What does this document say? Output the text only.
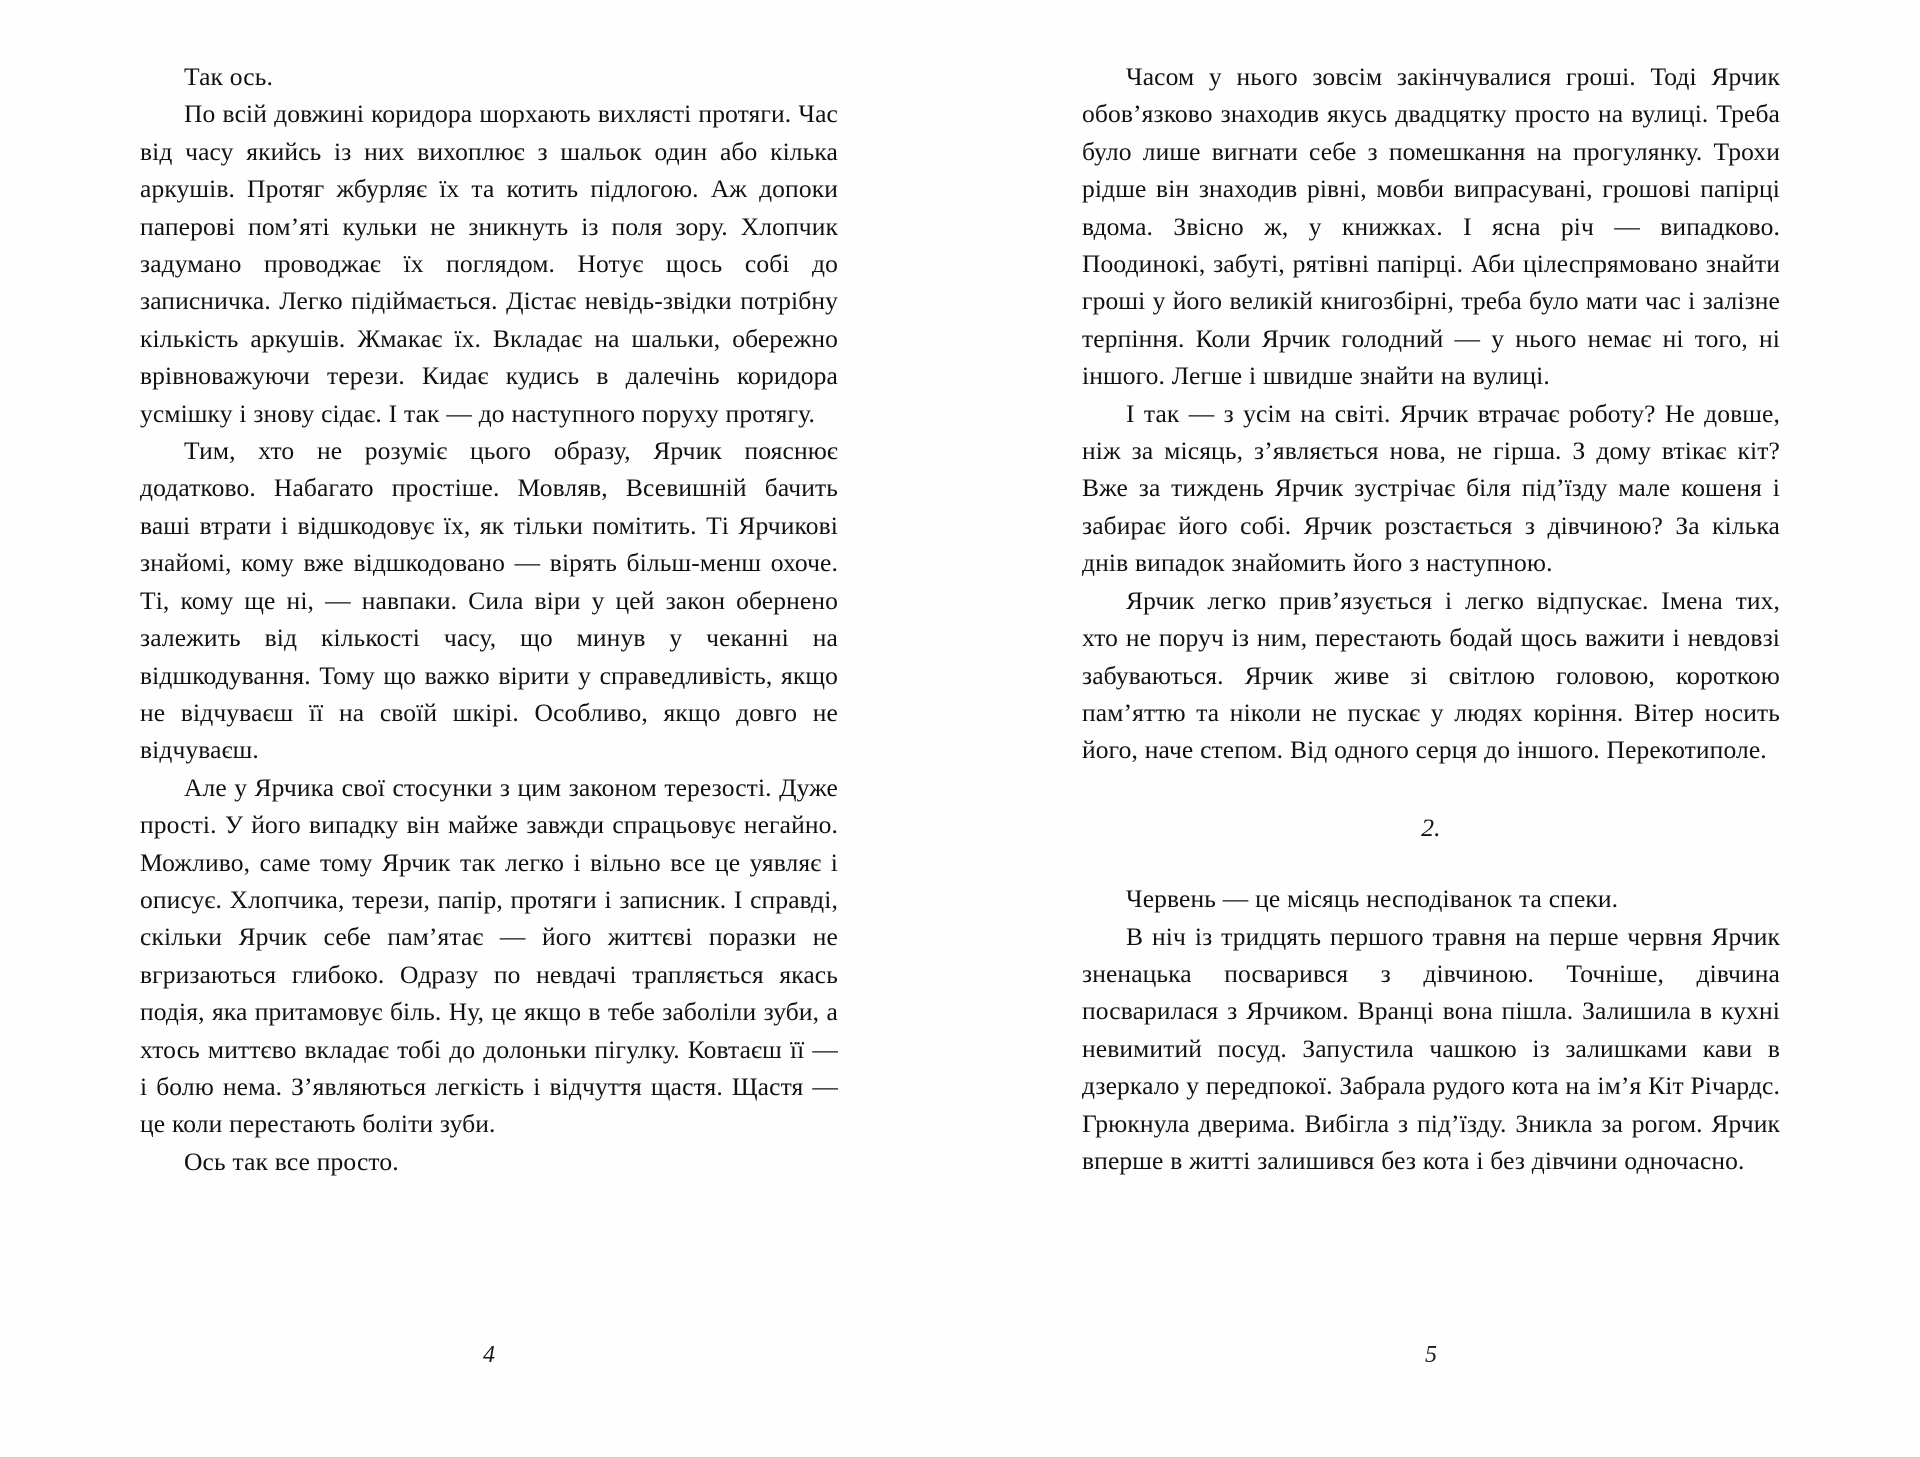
Так ось.

По всій довжині коридора шорхають вихлясті протяги. Час від часу якийсь із них вихоплює з шальок один або кілька аркушів. Протяг жбурляє їх та котить підлогою. Аж допоки паперові пом’яті кульки не зникнуть із поля зору. Хлопчик задумано проводжає їх поглядом. Нотує щось собі до записничка. Легко підіймається. Дістає невідь-звідки потрібну кількість аркушів. Жмакає їх. Вкладає на шальки, обережно врівноважуючи терези. Кидає кудись в далечінь коридора усмішку і знову сідає. І так — до наступного поруху протягу.

Тим, хто не розуміє цього образу, Ярчик пояснює додатково. Набагато простіше. Мовляв, Всевишній бачить ваші втрати і відшкодовує їх, як тільки помітить. Ті Ярчикові знайомі, кому вже відшкодовано — вірять більш-менш охоче. Ті, кому ще ні, — навпаки. Сила віри у цей закон обернено залежить від кількості часу, що минув у чеканні на відшкодування. Тому що важко вірити у справедливість, якщо не відчуваєш її на своїй шкірі. Особливо, якщо довго не відчуваєш.

Але у Ярчика свої стосунки з цим законом терезості. Дуже прості. У його випадку він майже завжди спрацьовує негайно. Можливо, саме тому Ярчик так легко і вільно все це уявляє і описує. Хлопчика, терези, папір, протяги і записник. І справді, скільки Ярчик себе пам’ятає — його життєві поразки не вгризаються глибоко. Одразу по невдачі трапляється якась подія, яка притамовує біль. Ну, це якщо в тебе заболіли зуби, а хтось миттєво вкладає тобі до долоньки пігулку. Ковтаєш її — і болю нема. З’являються легкість і відчуття щастя. Щастя — це коли перестають боліти зуби.

Ось так все просто.

4

Часом у нього зовсім закінчувалися гроші. Тоді Ярчик обов’язково знаходив якусь двадцятку просто на вулиці. Треба було лише вигнати себе з помешкання на прогулянку. Трохи рідше він знаходив рівні, мовби випрасувані, грошові папірці вдома. Звісно ж, у книжках. І ясна річ — випадково. Поодинокі, забуті, рятівні папірці. Аби цілеспрямовано знайти гроші у його великій книгозбірні, треба було мати час і залізне терпіння. Коли Ярчик голодний — у нього немає ні того, ні іншого. Легше і швидше знайти на вулиці.

І так — з усім на світі. Ярчик втрачає роботу? Не довше, ніж за місяць, з’являється нова, не гірша. З дому втікає кіт? Вже за тиждень Ярчик зустрічає біля під’їзду мале кошеня і забирає його собі. Ярчик розстається з дівчиною? За кілька днів випадок знайомить його з наступною.

Ярчик легко прив’язується і легко відпускає. Імена тих, хто не поруч із ним, перестають бодай щось важити і невдовзі забуваються. Ярчик живе зі світлою головою, короткою пам’яттю та ніколи не пускає у людях коріння. Вітер носить його, наче степом. Від одного серця до іншого. Перекотиполе.

2.

Червень — це місяць несподіванок та спеки.

В ніч із тридцять першого травня на перше червня Ярчик зненацька посварився з дівчиною. Точніше, дівчина посварилася з Ярчиком. Вранці вона пішла. Залишила в кухні невимитий посуд. Запустила чашкою із залишками кави в дзеркало у передпокої. Забрала рудого кота на ім’я Кіт Річардс. Грюкнула дверима. Вибігла з під’їзду. Зникла за рогом. Ярчик вперше в житті залишився без кота і без дівчини одночасно.

5
